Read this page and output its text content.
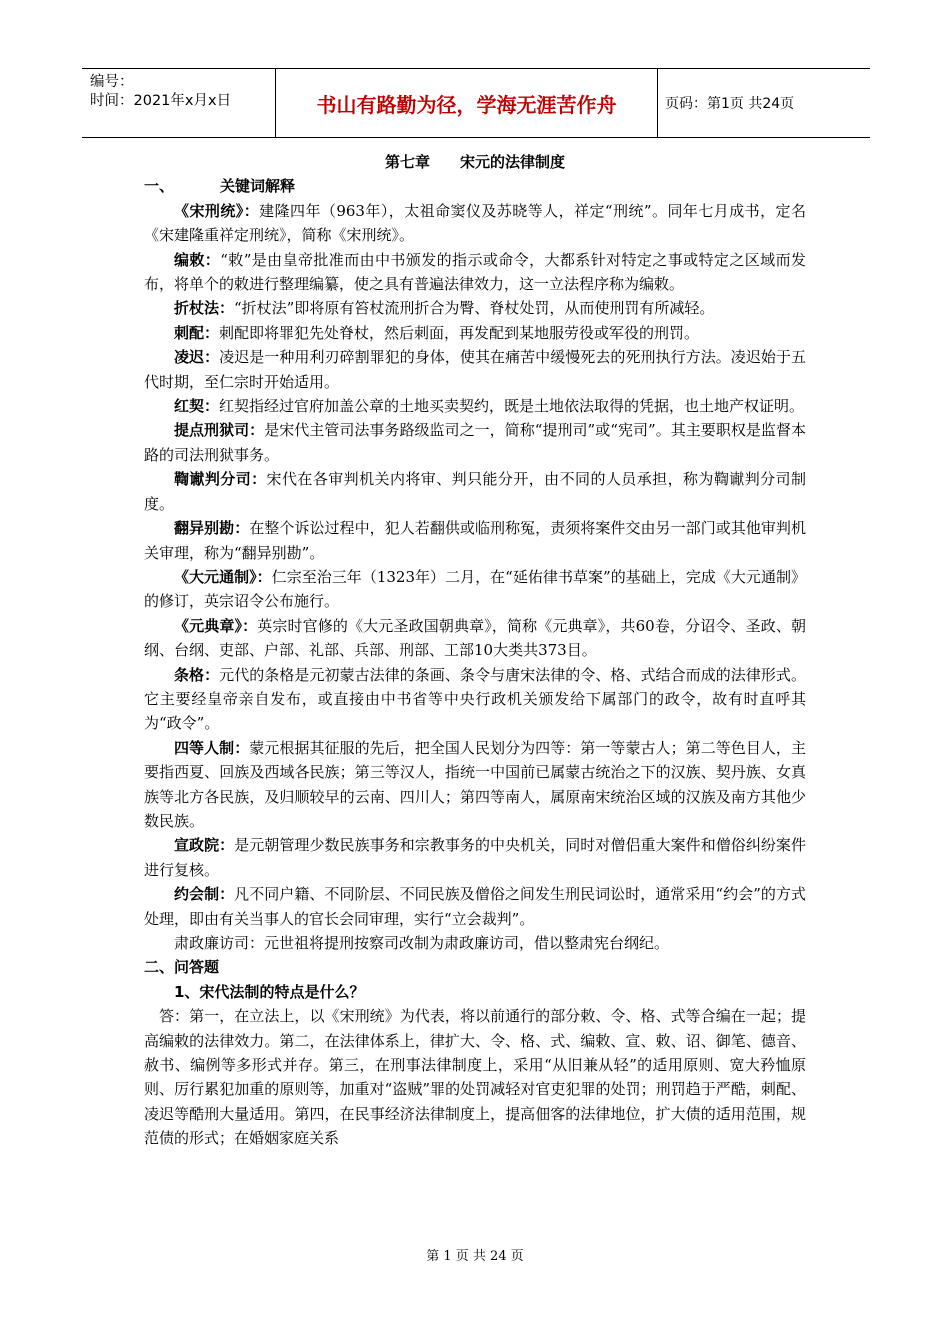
编号：
时间：2021年x月x日	书山有路勤为径，学海无涯苦作舟	页码：第1页 共24页

第七章 宋元的法律制度

一、	关键词解释

《宋刑统》：建隆四年（963年），太祖命窦仪及苏晓等人，祥定“刑统”。同年七月成书，定名《宋建隆重祥定刑统》，简称《宋刑统》。

编敕：“敕”是由皇帝批准而由中书颁发的指示或命令，大都系针对特定之事或特定之区域而发布，将单个的敕进行整理编纂，使之具有普遍法律效力，这一立法程序称为编敕。

折杖法：“折杖法”即将原有笞杖流刑折合为臀、脊杖处罚，从而使刑罚有所减轻。

刺配：刺配即将罪犯先处脊杖，然后刺面，再发配到某地服劳役或军役的刑罚。

凌迟：凌迟是一种用利刃碎割罪犯的身体，使其在痛苦中缓慢死去的死刑执行方法。凌迟始于五代时期，至仁宗时开始适用。

红契：红契指经过官府加盖公章的土地买卖契约，既是土地依法取得的凭据，也土地产权证明。

提点刑狱司：是宋代主管司法事务路级监司之一，简称“提刑司”或“宪司”。其主要职权是监督本路的司法刑狱事务。

鞫谳判分司：宋代在各审判机关内将审、判只能分开，由不同的人员承担，称为鞫谳判分司制度。

翻异别勘：在整个诉讼过程中，犯人若翻供或临刑称冤，责须将案件交由另一部门或其他审判机关审理，称为“翻异别勘”。

《大元通制》：仁宗至治三年（1323年）二月，在“延佑律书草案”的基础上，完成《大元通制》的修订，英宗诏令公布施行。

《元典章》：英宗时官修的《大元圣政国朝典章》，简称《元典章》，共60卷，分诏令、圣政、朝纲、台纲、吏部、户部、礼部、兵部、刑部、工部10大类共373目。

条格：元代的条格是元初蒙古法律的条画、条令与唐宋法律的令、格、式结合而成的法律形式。它主要经皇帝亲自发布，或直接由中书省等中央行政机关颁发给下属部门的政令，故有时直呼其为“政令”。

四等人制：蒙元根据其征服的先后，把全国人民划分为四等：第一等蒙古人；第二等色目人，主要指西夏、回族及西域各民族；第三等汉人，指统一中国前已属蒙古统治之下的汉族、契丹族、女真族等北方各民族，及归顺较早的云南、四川人；第四等南人，属原南宋统治区域的汉族及南方其他少数民族。

宣政院：是元朝管理少数民族事务和宗教事务的中央机关，同时对僧侣重大案件和僧俗纠纷案件进行复核。

约会制：凡不同户籍、不同阶层、不同民族及僧俗之间发生刑民词讼时，通常采用“约会”的方式处理，即由有关当事人的官长会同审理，实行“立会裁判”。

肃政廉访司：元世祖将提刑按察司改制为肃政廉访司，借以整肃宪台纲纪。

二、问答题

1、宋代法制的特点是什么？

答：第一，在立法上，以《宋刑统》为代表，将以前通行的部分敕、令、格、式等合编在一起；提高编敕的法律效力。第二，在法律体系上，律扩大、令、格、式、编敕、宣、敕、诏、御笔、德音、赦书、编例等多形式并存。第三，在刑事法律制度上，采用“从旧兼从轻”的适用原则、宽大矜恤原则、厉行累犯加重的原则等，加重对“盗贼”罪的处罚减轻对官吏犯罪的处罚；刑罚趋于严酷，刺配、凌迟等酷刑大量适用。第四，在民事经济法律制度上，提高佃客的法律地位，扩大债的适用范围，规范债的形式；在婚姻家庭关系

第 1 页 共 24 页
